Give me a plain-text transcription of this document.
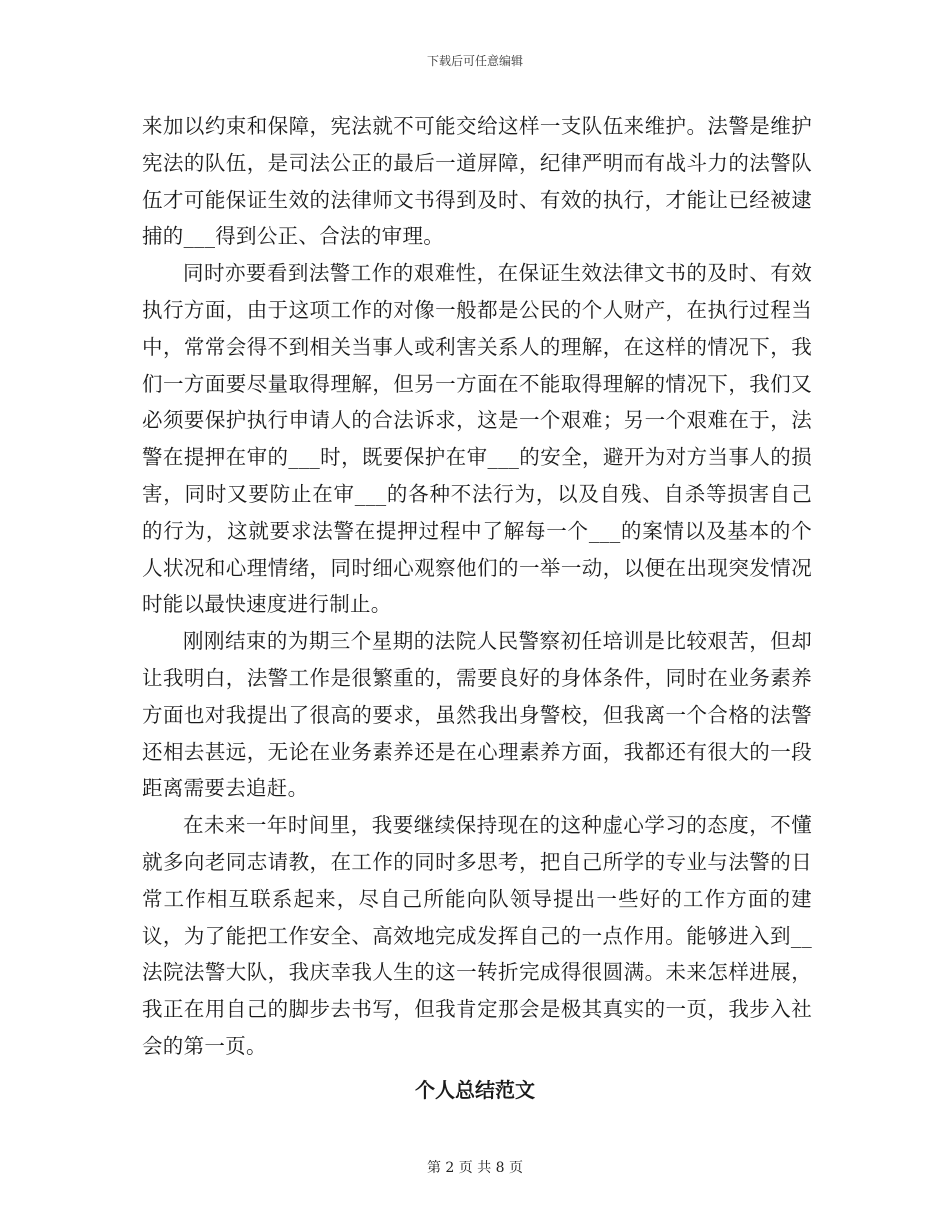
下载后可任意编辑

来加以约束和保障，宪法就不可能交给这样一支队伍来维护。法警是维护宪法的队伍，是司法公正的最后一道屏障，纪律严明而有战斗力的法警队伍才可能保证生效的法律师文书得到及时、有效的执行，才能让已经被逮捕的___得到公正、合法的审理。

同时亦要看到法警工作的艰难性，在保证生效法律文书的及时、有效执行方面，由于这项工作的对像一般都是公民的个人财产，在执行过程当中，常常会得不到相关当事人或利害关系人的理解，在这样的情况下，我们一方面要尽量取得理解，但另一方面在不能取得理解的情况下，我们又必须要保护执行申请人的合法诉求，这是一个艰难；另一个艰难在于，法警在提押在审的___时，既要保护在审___的安全，避开为对方当事人的损害，同时又要防止在审___的各种不法行为，以及自残、自杀等损害自己的行为，这就要求法警在提押过程中了解每一个___的案情以及基本的个人状况和心理情绪，同时细心观察他们的一举一动，以便在出现突发情况时能以最快速度进行制止。

刚刚结束的为期三个星期的法院人民警察初任培训是比较艰苦，但却让我明白，法警工作是很繁重的，需要良好的身体条件，同时在业务素养方面也对我提出了很高的要求，虽然我出身警校，但我离一个合格的法警还相去甚远，无论在业务素养还是在心理素养方面，我都还有很大的一段距离需要去追赶。

在未来一年时间里，我要继续保持现在的这种虚心学习的态度，不懂就多向老同志请教，在工作的同时多思考，把自己所学的专业与法警的日常工作相互联系起来，尽自己所能向队领导提出一些好的工作方面的建议，为了能把工作安全、高效地完成发挥自己的一点作用。能够进入到__法院法警大队，我庆幸我人生的这一转折完成得很圆满。未来怎样进展，我正在用自己的脚步去书写，但我肯定那会是极其真实的一页，我步入社会的第一页。

个人总结范文
第 2 页 共 8 页
